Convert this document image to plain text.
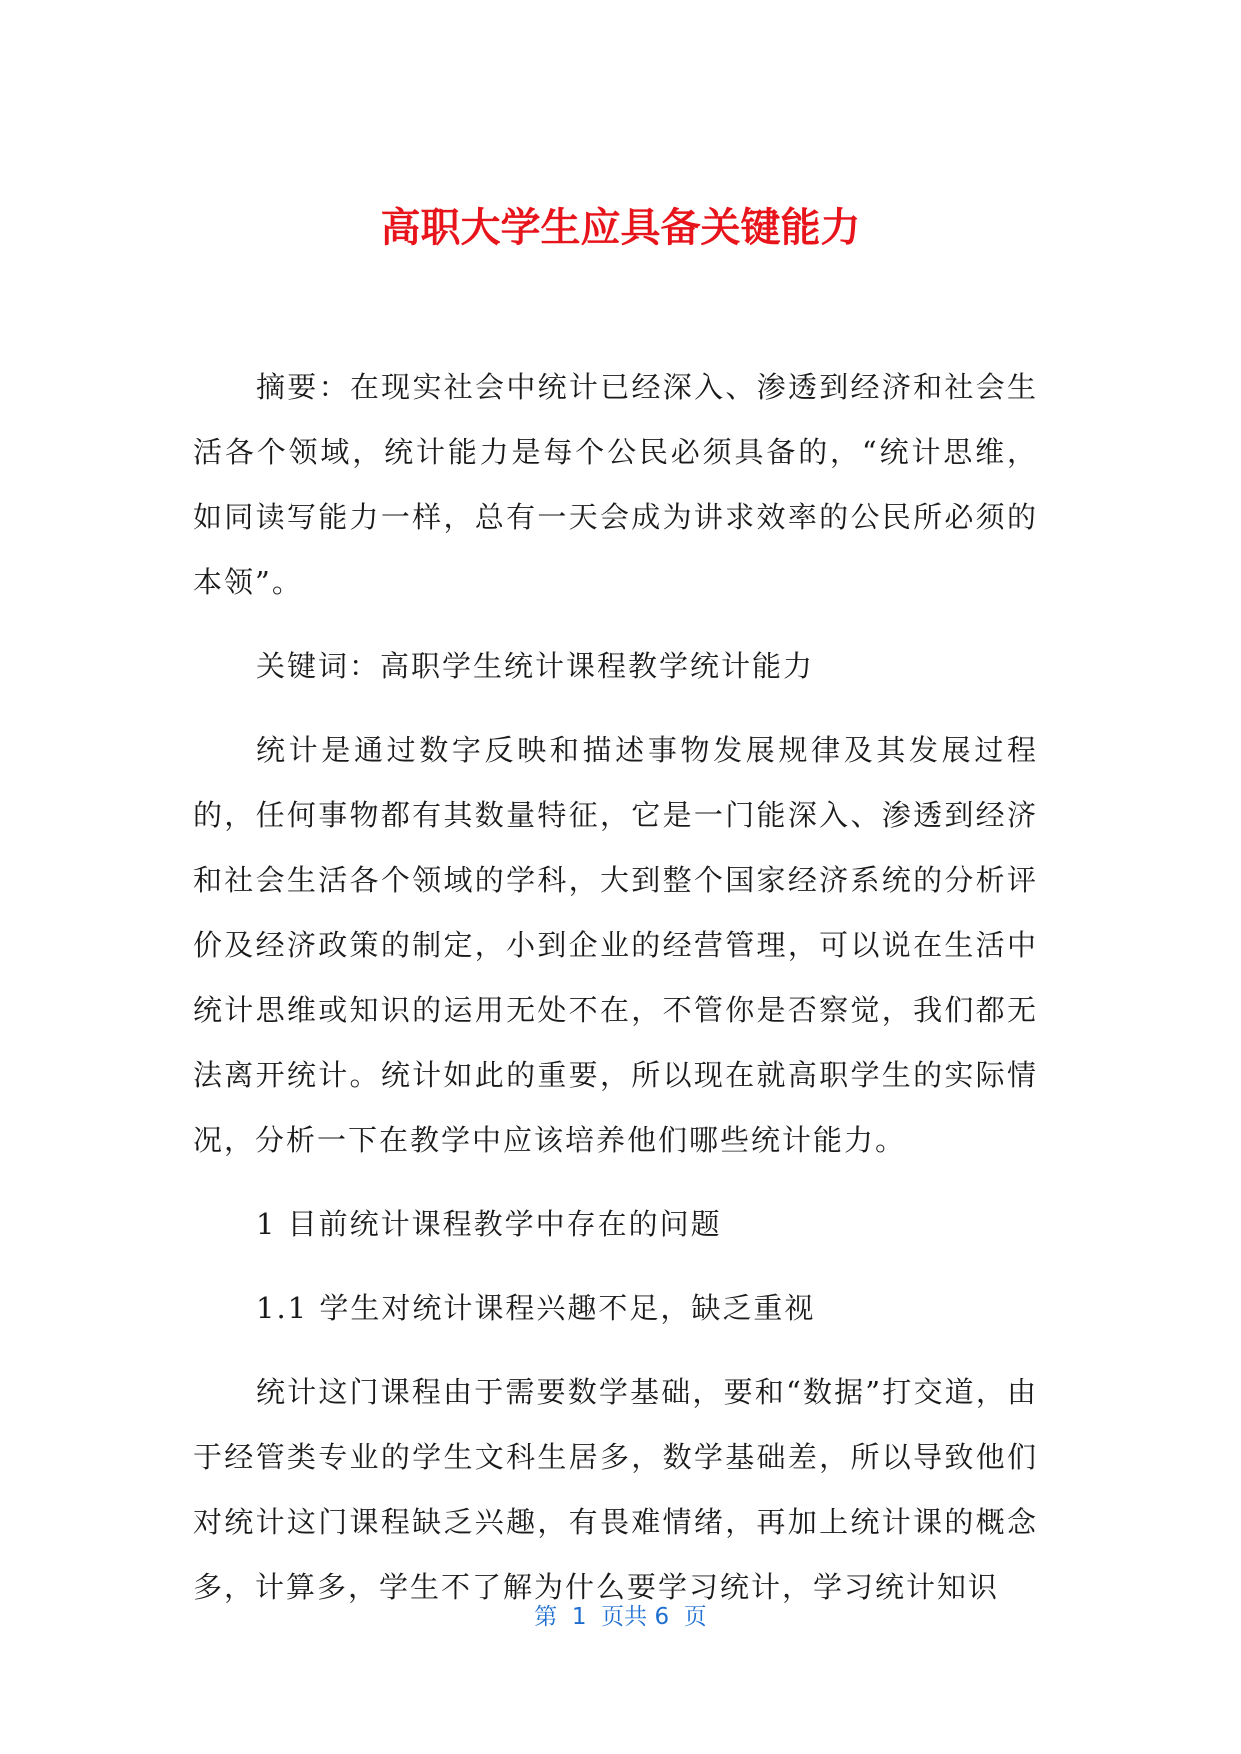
高职大学生应具备关键能力

摘要：在现实社会中统计已经深入、渗透到经济和社会生活各个领域，统计能力是每个公民必须具备的，“统计思维，如同读写能力一样，总有一天会成为讲求效率的公民所必须的本领”。

关键词：高职学生统计课程教学统计能力

统计是通过数字反映和描述事物发展规律及其发展过程的，任何事物都有其数量特征，它是一门能深入、渗透到经济和社会生活各个领域的学科，大到整个国家经济系统的分析评价及经济政策的制定，小到企业的经营管理，可以说在生活中统计思维或知识的运用无处不在，不管你是否察觉，我们都无法离开统计。统计如此的重要，所以现在就高职学生的实际情况，分析一下在教学中应该培养他们哪些统计能力。

1 目前统计课程教学中存在的问题

1.1 学生对统计课程兴趣不足，缺乏重视

统计这门课程由于需要数学基础，要和“数据”打交道，由于经管类专业的学生文科生居多，数学基础差，所以导致他们对统计这门课程缺乏兴趣，有畏难情绪，再加上统计课的概念多，计算多，学生不了解为什么要学习统计，学习统计知识

第  1  页共 6  页
